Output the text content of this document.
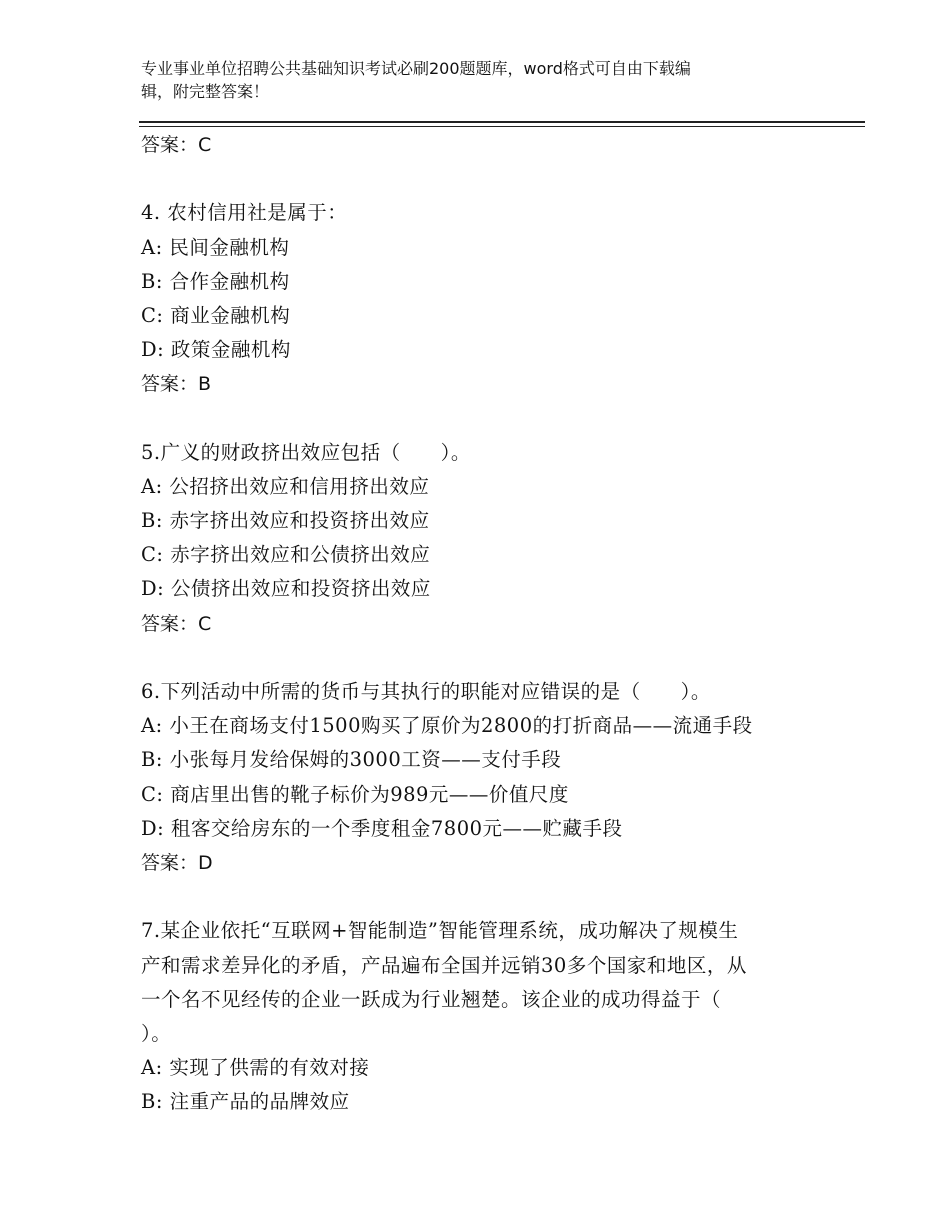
专业事业单位招聘公共基础知识考试必刷200题题库，word格式可自由下载编
辑，附完整答案！
答案：C
4. 农村信用社是属于：
A: 民间金融机构
B: 合作金融机构
C: 商业金融机构
D: 政策金融机构
答案：B
5.广义的财政挤出效应包括（　　）。
A: 公招挤出效应和信用挤出效应
B: 赤字挤出效应和投资挤出效应
C: 赤字挤出效应和公债挤出效应
D: 公债挤出效应和投资挤出效应
答案：C
6.下列活动中所需的货币与其执行的职能对应错误的是（　　）。
A: 小王在商场支付1500购买了原价为2800的打折商品——流通手段
B: 小张每月发给保姆的3000工资——支付手段
C: 商店里出售的靴子标价为989元——价值尺度
D: 租客交给房东的一个季度租金7800元——贮藏手段
答案：D
7.某企业依托“互联网+智能制造”智能管理系统，成功解决了规模生
产和需求差异化的矛盾，产品遍布全国并远销30多个国家和地区，从
一个名不见经传的企业一跃成为行业翘楚。该企业的成功得益于（
）。
A: 实现了供需的有效对接
B: 注重产品的品牌效应
